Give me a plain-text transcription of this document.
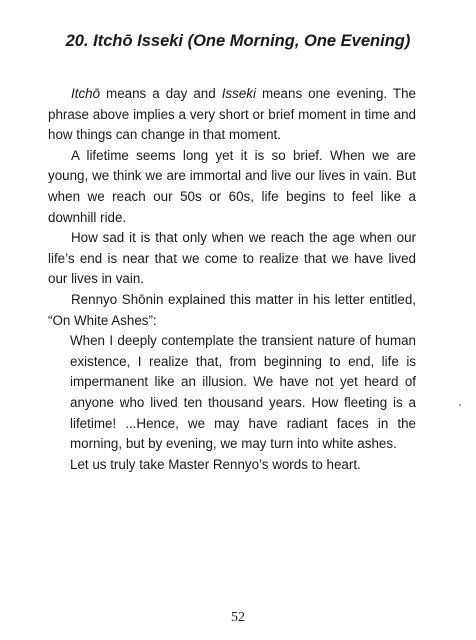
20. Itchō Isseki (One Morning, One Evening)

Itchō means a day and Isseki means one evening. The phrase above implies a very short or brief moment in time and how things can change in that moment.

A lifetime seems long yet it is so brief. When we are young, we think we are immortal and live our lives in vain. But when we reach our 50s or 60s, life begins to feel like a downhill ride.

How sad it is that only when we reach the age when our life’s end is near that we come to realize that we have lived our lives in vain.

Rennyo Shōnin explained this matter in his letter entitled, “On White Ashes”:

When I deeply contemplate the transient nature of human existence, I realize that, from beginning to end, life is impermanent like an illusion. We have not yet heard of anyone who lived ten thousand years. How fleeting is a lifetime! ...Hence, we may have radiant faces in the morning, but by evening, we may turn into white ashes.

Let us truly take Master Rennyo’s words to heart.

52
